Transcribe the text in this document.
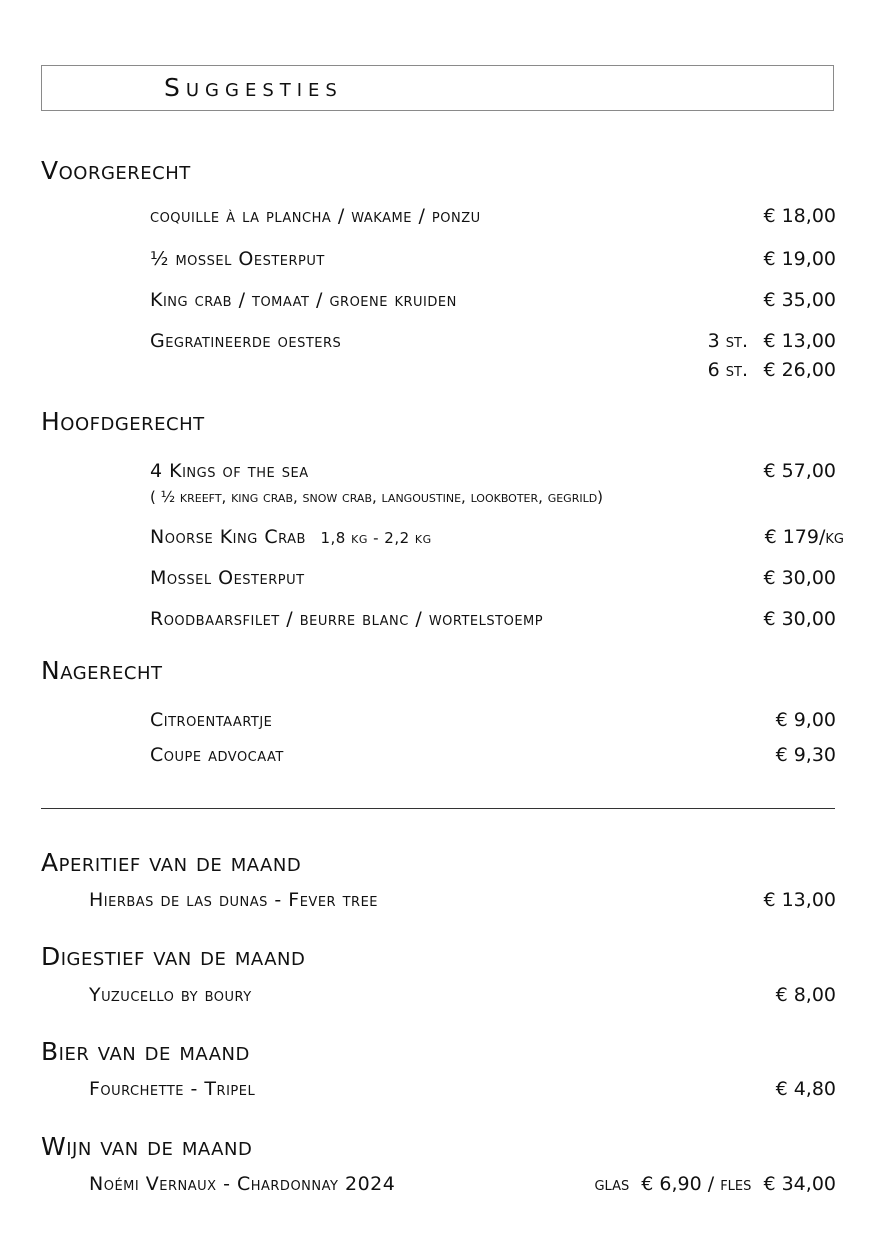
Suggesties
Voorgerecht
coquille à la plancha / wakame / ponzu	€ 18,00
½ mossel Oesterput	€ 19,00
King crab / tomaat / groene kruiden	€ 35,00
Gegratineerde oesters	3 st. € 13,00
6 st. € 26,00
Hoofdgerecht
4 Kings of the sea	€ 57,00
( ½ kreeft, king crab, snow crab, langoustine, lookboter, gegrild)
Noorse King Crab 1,8 kg - 2,2 kg	€ 179/kg
Mossel Oesterput	€ 30,00
Roodbaarsfilet / beurre blanc / wortelstoemp	€ 30,00
Nagerecht
Citroentaartje	€ 9,00
Coupe advocaat	€ 9,30
Aperitief van de maand
Hierbas de las dunas - Fever tree	€ 13,00
Digestief van de maand
Yuzucello by boury	€ 8,00
Bier van de maand
Fourchette - Tripel	€ 4,80
Wijn van de maand
Noémi Vernaux - Chardonnay 2024	glas  € 6,90 / fles  € 34,00
